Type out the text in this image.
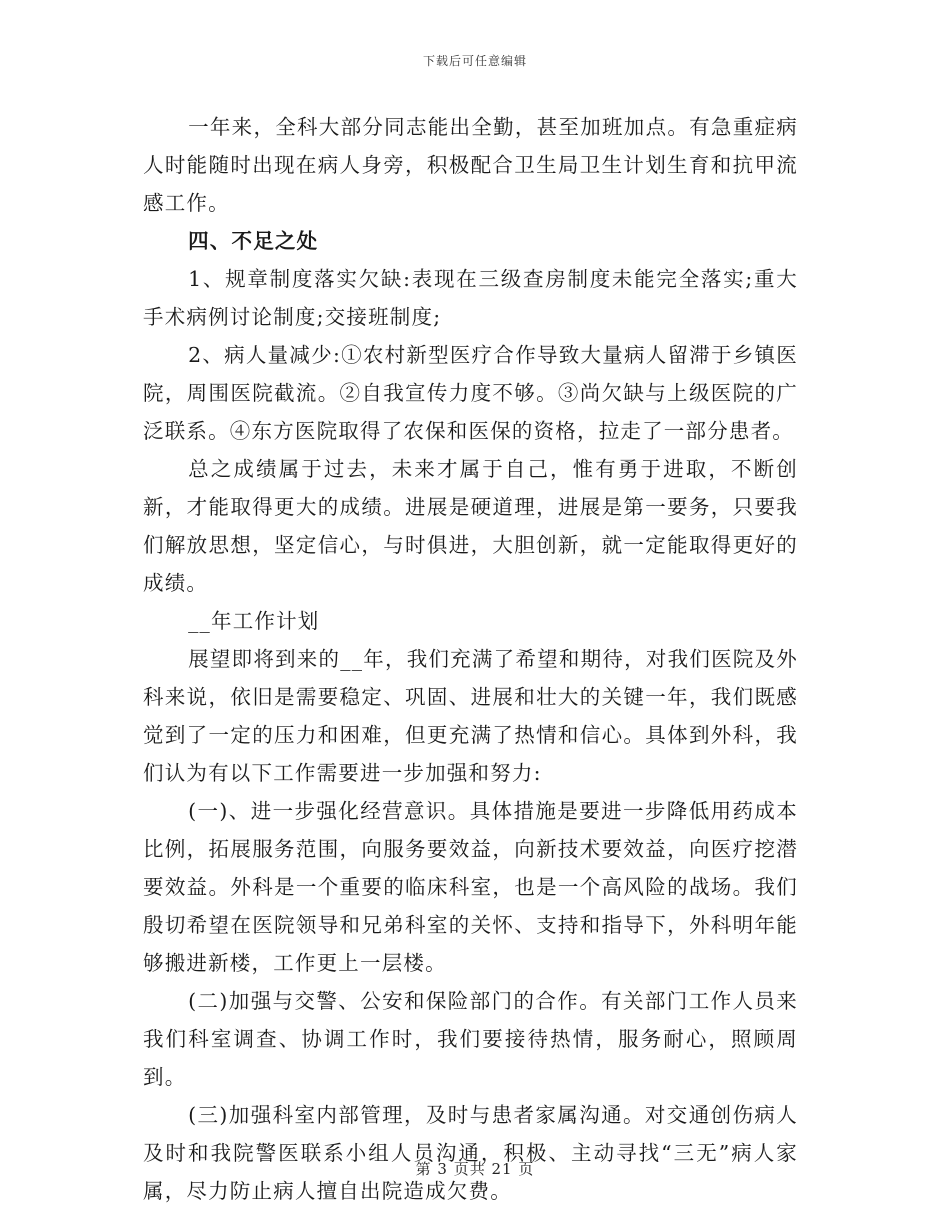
下载后可任意编辑

一年来，全科大部分同志能出全勤，甚至加班加点。有急重症病人时能随时出现在病人身旁，积极配合卫生局卫生计划生育和抗甲流感工作。

四、不足之处

1、规章制度落实欠缺:表现在三级查房制度未能完全落实;重大手术病例讨论制度;交接班制度;

2、病人量减少:①农村新型医疗合作导致大量病人留滞于乡镇医院，周围医院截流。②自我宣传力度不够。③尚欠缺与上级医院的广泛联系。④东方医院取得了农保和医保的资格，拉走了一部分患者。

总之成绩属于过去，未来才属于自己，惟有勇于进取，不断创新，才能取得更大的成绩。进展是硬道理，进展是第一要务，只要我们解放思想，坚定信心，与时俱进，大胆创新，就一定能取得更好的成绩。

__年工作计划

展望即将到来的__年，我们充满了希望和期待，对我们医院及外科来说，依旧是需要稳定、巩固、进展和壮大的关键一年，我们既感觉到了一定的压力和困难，但更充满了热情和信心。具体到外科，我们认为有以下工作需要进一步加强和努力:

(一)、进一步强化经营意识。具体措施是要进一步降低用药成本比例，拓展服务范围，向服务要效益，向新技术要效益，向医疗挖潜要效益。外科是一个重要的临床科室，也是一个高风险的战场。我们殷切希望在医院领导和兄弟科室的关怀、支持和指导下，外科明年能够搬进新楼，工作更上一层楼。

(二)加强与交警、公安和保险部门的合作。有关部门工作人员来我们科室调查、协调工作时，我们要接待热情，服务耐心，照顾周到。

(三)加强科室内部管理，及时与患者家属沟通。对交通创伤病人及时和我院警医联系小组人员沟通，积极、主动寻找“三无”病人家属，尽力防止病人擅自出院造成欠费。

第 3 页共 21 页
